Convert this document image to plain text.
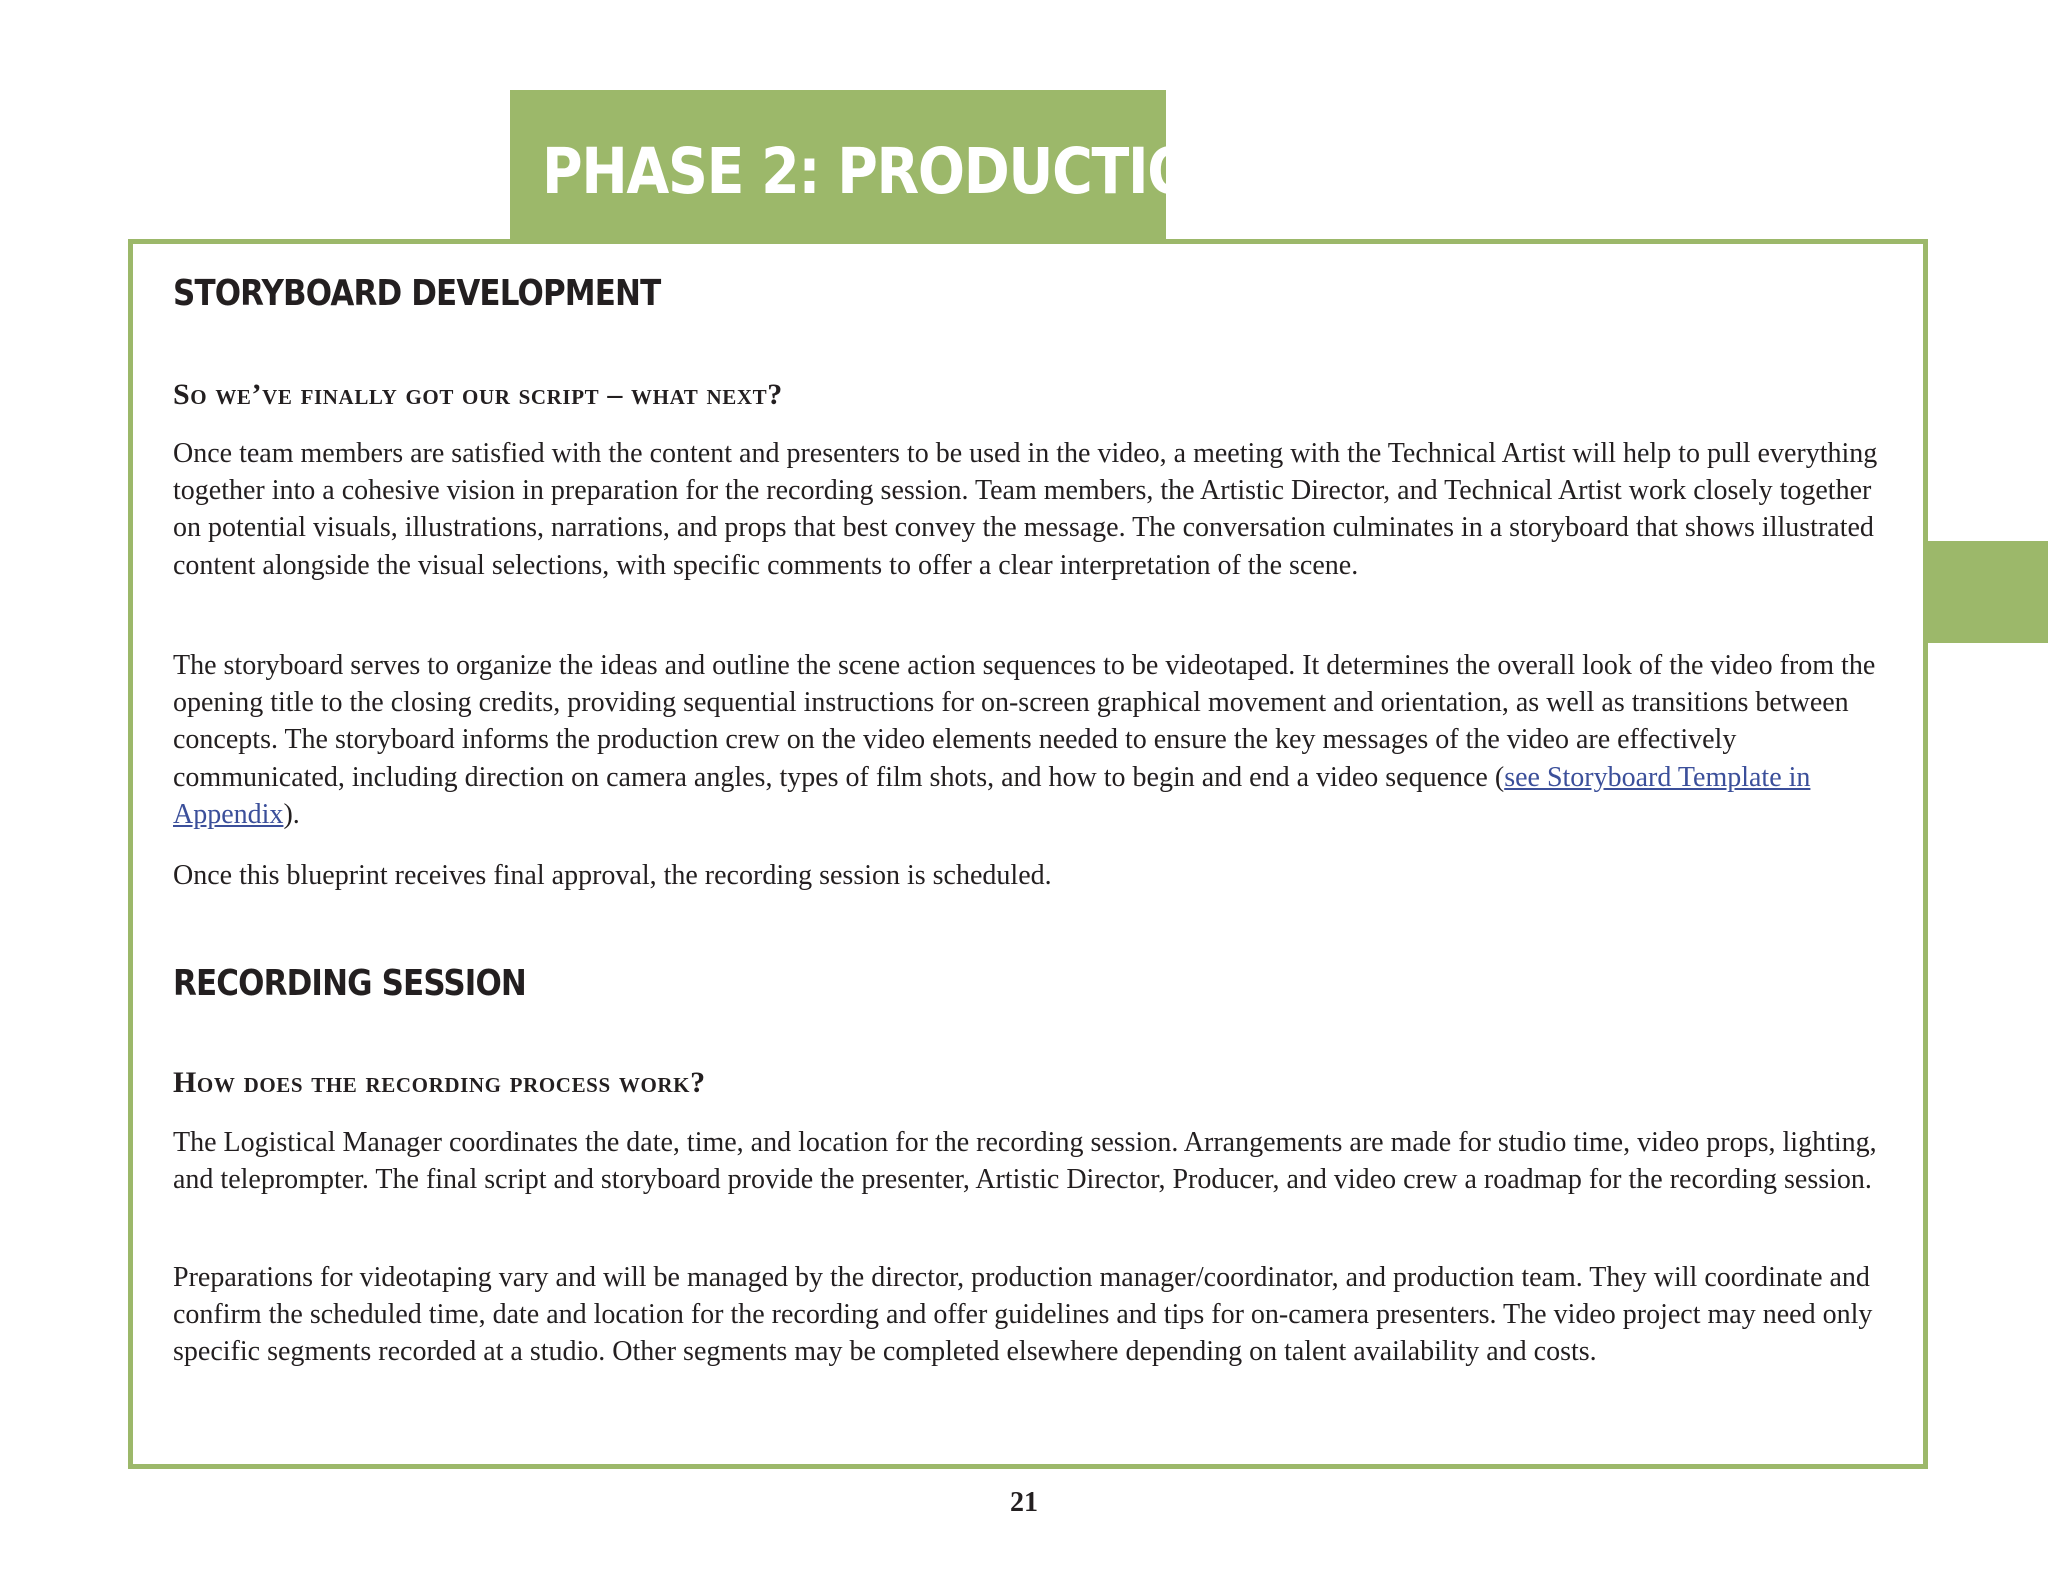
PHASE 2: PRODUCTION
STORYBOARD DEVELOPMENT
So we’ve finally got our script – what next?

Once team members are satisfied with the content and presenters to be used in the video, a meeting with the Technical Artist will help to pull everything together into a cohesive vision in preparation for the recording session. Team members, the Artistic Director, and Technical Artist work closely together on potential visuals, illustrations, narrations, and props that best convey the message. The conversation culminates in a storyboard that shows illustrated content alongside the visual selections, with specific comments to offer a clear interpretation of the scene.

The storyboard serves to organize the ideas and outline the scene action sequences to be videotaped. It determines the overall look of the video from the opening title to the closing credits, providing sequential instructions for on-screen graphical movement and orientation, as well as transitions between concepts. The storyboard informs the production crew on the video elements needed to ensure the key messages of the video are effectively communicated, including direction on camera angles, types of film shots, and how to begin and end a video sequence (see Storyboard Template in Appendix).

Once this blueprint receives final approval, the recording session is scheduled.

RECORDING SESSION
How does the recording process work?

The Logistical Manager coordinates the date, time, and location for the recording session. Arrangements are made for studio time, video props, lighting, and teleprompter. The final script and storyboard provide the presenter, Artistic Director, Producer, and video crew a roadmap for the recording session.

Preparations for videotaping vary and will be managed by the director, production manager/coordinator, and production team. They will coordinate and confirm the scheduled time, date and location for the recording and offer guidelines and tips for on-camera presenters. The video project may need only specific segments recorded at a studio. Other segments may be completed elsewhere depending on talent availability and costs.

21
